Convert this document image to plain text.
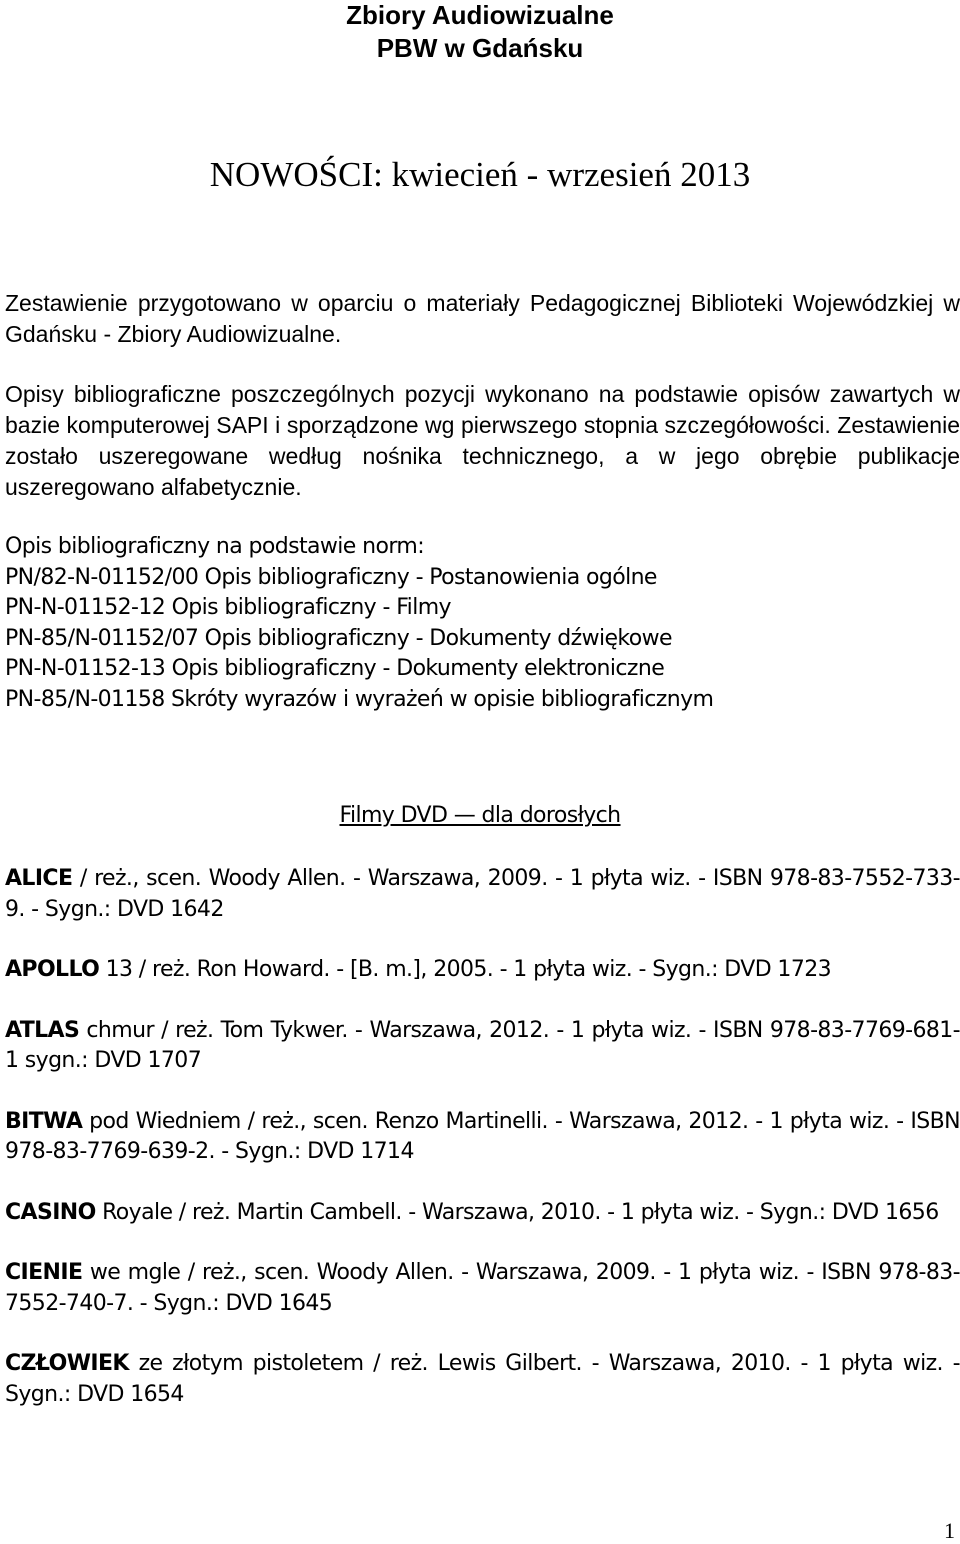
Zbiory Audiowizualne
PBW w Gdańsku
NOWOŚCI: kwiecień - wrzesień 2013
Zestawienie przygotowano w oparciu o materiały Pedagogicznej Biblioteki Wojewódzkiej w Gdańsku - Zbiory Audiowizualne.
Opisy bibliograficzne poszczególnych pozycji wykonano na podstawie opisów zawartych w bazie komputerowej SAPI i sporządzone wg pierwszego stopnia szczegółowości. Zestawienie zostało uszeregowane według nośnika technicznego, a w jego obrębie publikacje uszeregowano alfabetycznie.
Opis bibliograficzny na podstawie norm:
PN/82-N-01152/00 Opis bibliograficzny - Postanowienia ogólne
PN-N-01152-12 Opis bibliograficzny - Filmy
PN-85/N-01152/07 Opis bibliograficzny - Dokumenty dźwiękowe
PN-N-01152-13 Opis bibliograficzny - Dokumenty elektroniczne
PN-85/N-01158 Skróty wyrazów i wyrażeń w opisie bibliograficznym
Filmy DVD — dla dorosłych
ALICE / reż., scen. Woody Allen. - Warszawa, 2009. - 1 płyta wiz. - ISBN 978-83-7552-733-9. - Sygn.: DVD 1642
APOLLO 13 / reż. Ron Howard. - [B. m.], 2005. - 1 płyta wiz. - Sygn.: DVD 1723
ATLAS chmur / reż. Tom Tykwer. - Warszawa, 2012. - 1 płyta wiz. - ISBN 978-83-7769-681-1 sygn.: DVD 1707
BITWA pod Wiedniem / reż., scen. Renzo Martinelli. - Warszawa, 2012. - 1 płyta wiz. - ISBN 978-83-7769-639-2. - Sygn.: DVD 1714
CASINO Royale / reż. Martin Cambell. - Warszawa, 2010. - 1 płyta wiz. - Sygn.: DVD 1656
CIENIE we mgle / reż., scen. Woody Allen. - Warszawa, 2009. - 1 płyta wiz. - ISBN 978-83-7552-740-7. - Sygn.: DVD 1645
CZŁOWIEK ze złotym pistoletem / reż. Lewis Gilbert. - Warszawa, 2010. - 1 płyta wiz. - Sygn.: DVD 1654
1
